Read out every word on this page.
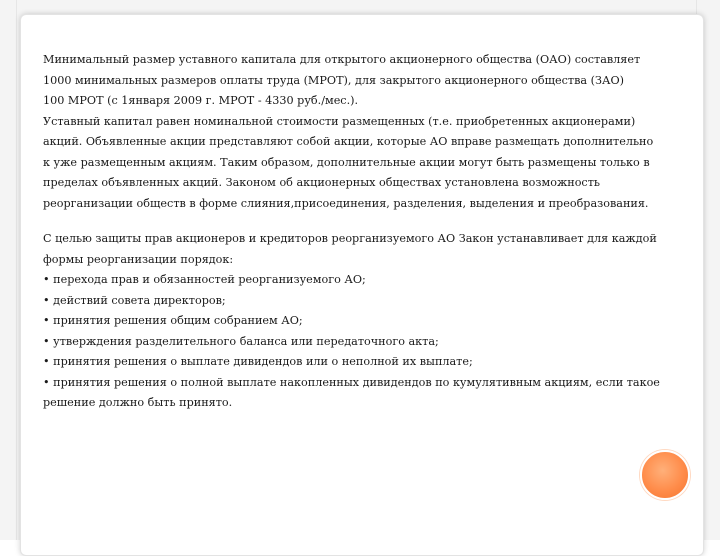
Минимальный размер уставного капитала для открытого акционерного общества (ОАО) составляет
1000 минимальных размеров оплаты труда (МРОТ), для закрытого акционерного общества (ЗАО)
100 МРОТ (с 1января 2009 г. МРОТ - 4330 руб./мес.).
Уставный капитал равен номинальной стоимости размещенных (т.е. приобретенных акционерами)
акций. Объявленные акции представляют собой акции, которые АО вправе размещать дополнительно
к уже размещенным акциям. Таким образом, дополнительные акции могут быть размещены только в
пределах объявленных акций. Законом об акционерных обществах установлена возможность
реорганизации обществ в форме слияния,присоединения, разделения, выделения и преобразования.

С целью защиты прав акционеров и кредиторов реорганизуемого АО Закон устанавливает для каждой
формы реорганизации порядок:
• перехода прав и обязанностей реорганизуемого АО;
• действий совета директоров;
• принятия решения общим собранием АО;
• утверждения разделительного баланса или передаточного акта;
• принятия решения о выплате дивидендов или о неполной их выплате;
• принятия решения о полной выплате накопленных дивидендов по кумулятивным акциям, если такое
решение должно быть принято.
